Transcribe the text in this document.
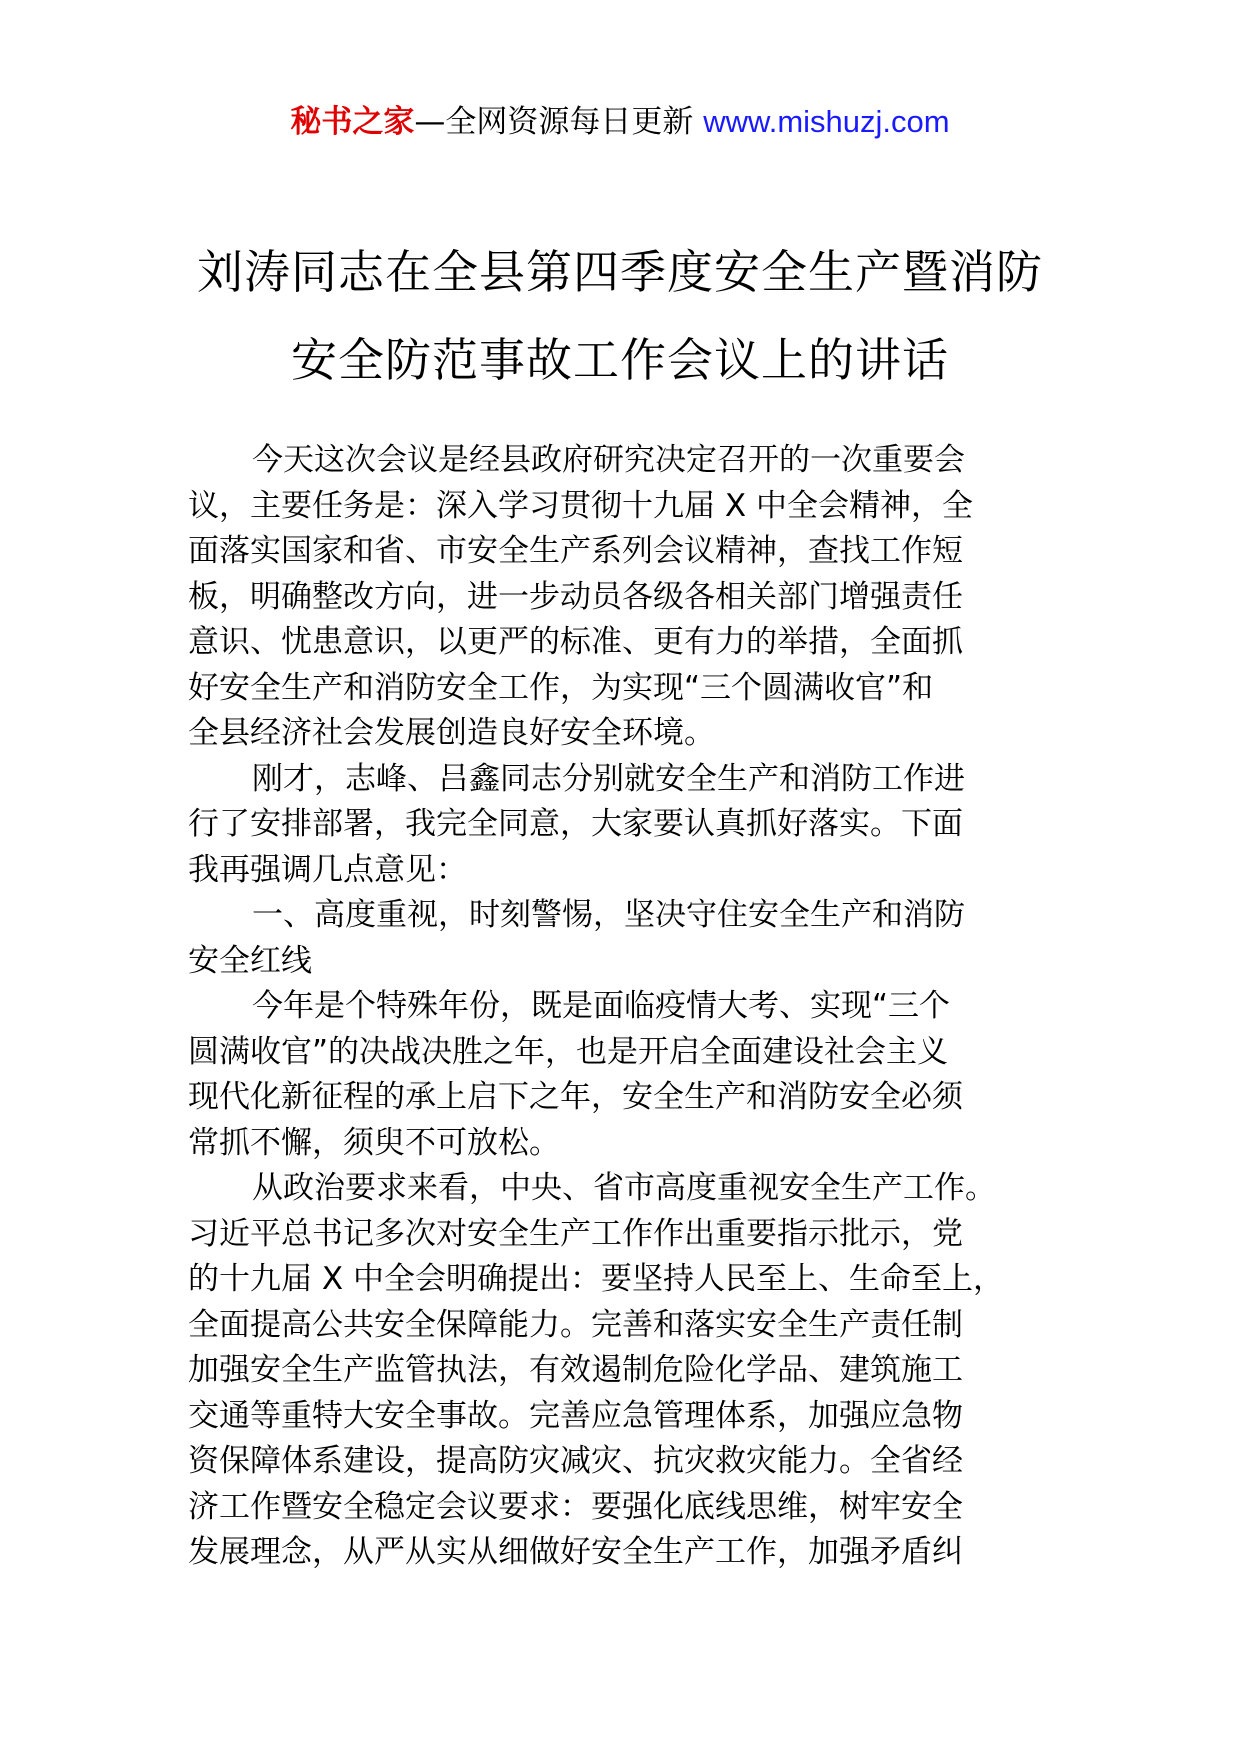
秘书之家—全网资源每日更新 www.mishuzj.com
刘涛同志在全县第四季度安全生产暨消防
安全防范事故工作会议上的讲话
今天这次会议是经县政府研究决定召开的一次重要会
议，主要任务是：深入学习贯彻十九届 X 中全会精神，全
面落实国家和省、市安全生产系列会议精神，查找工作短
板，明确整改方向，进一步动员各级各相关部门增强责任
意识、忧患意识，以更严的标准、更有力的举措，全面抓
好安全生产和消防安全工作，为实现“三个圆满收官”和
全县经济社会发展创造良好安全环境。
刚才，志峰、吕鑫同志分别就安全生产和消防工作进
行了安排部署，我完全同意，大家要认真抓好落实。下面
我再强调几点意见：
一、高度重视，时刻警惕，坚决守住安全生产和消防
安全红线
今年是个特殊年份，既是面临疫情大考、实现“三个
圆满收官”的决战决胜之年，也是开启全面建设社会主义
现代化新征程的承上启下之年，安全生产和消防安全必须
常抓不懈，须臾不可放松。
从政治要求来看，中央、省市高度重视安全生产工作。
习近平总书记多次对安全生产工作作出重要指示批示，党
的十九届 X 中全会明确提出：要坚持人民至上、生命至上，
全面提高公共安全保障能力。完善和落实安全生产责任制
加强安全生产监管执法，有效遏制危险化学品、建筑施工
交通等重特大安全事故。完善应急管理体系，加强应急物
资保障体系建设，提高防灾减灾、抗灾救灾能力。全省经
济工作暨安全稳定会议要求：要强化底线思维，树牢安全
发展理念，从严从实从细做好安全生产工作，加强矛盾纠
